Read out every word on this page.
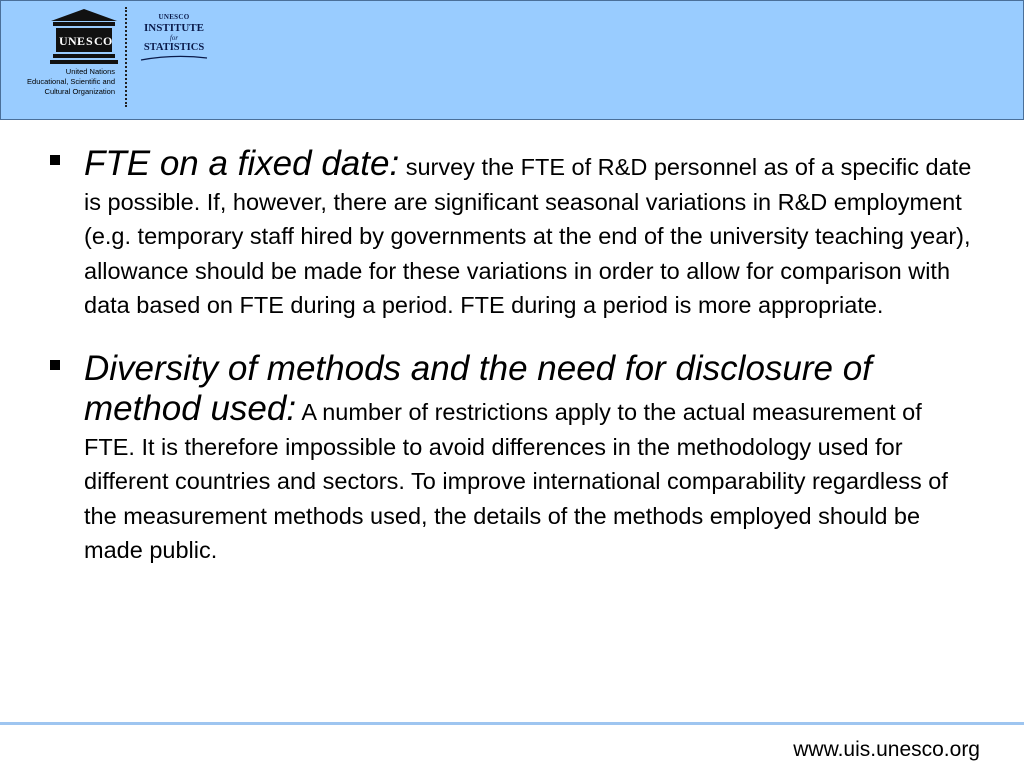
U N E S C O
United Nations
Educational, Scientific and
Cultural Organization
UNESCO
INSTITUTE
for
STATISTICS
FTE on a fixed date: survey the FTE of R&D personnel as of a specific date is possible. If, however, there are significant seasonal variations in R&D employment (e.g. temporary staff hired by governments at the end of the university teaching year), allowance should be made for these variations in order to allow for comparison with data based on FTE during a period. FTE during a period is more appropriate.
Diversity of methods and the need for disclosure of method used: A number of restrictions apply to the actual measurement of FTE. It is therefore impossible to avoid differences in the methodology used for different countries and sectors. To improve international comparability regardless of the measurement methods used, the details of the methods employed should be made public.
www.uis.unesco.org
